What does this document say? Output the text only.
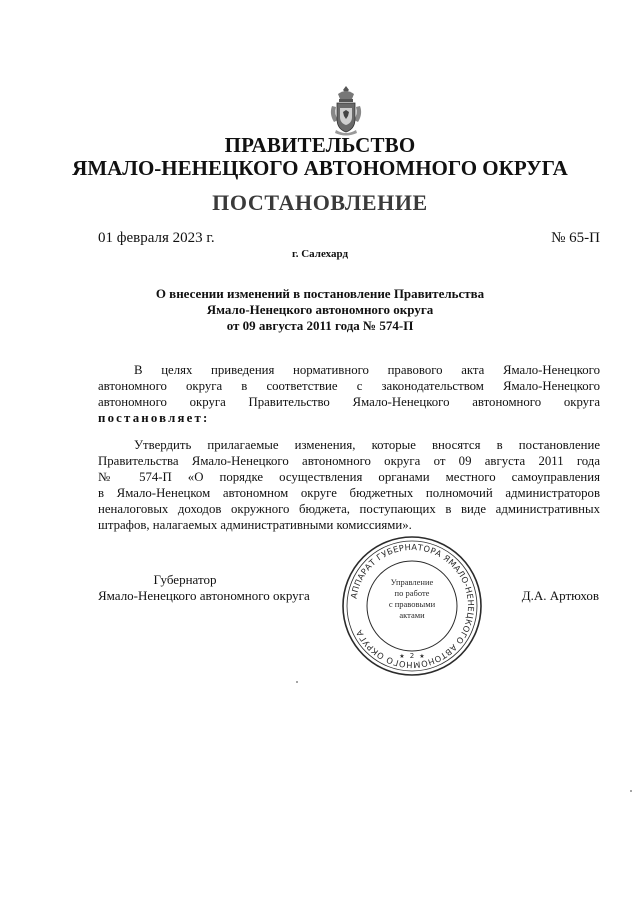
ПРАВИТЕЛЬСТВО
ЯМАЛО-НЕНЕЦКОГО АВТОНОМНОГО ОКРУГА
ПОСТАНОВЛЕНИЕ
01 февраля 2023 г.	№ 65-П
г. Салехард
О внесении изменений в постановление Правительства
Ямало-Ненецкого автономного округа
от 09 августа 2011 года № 574-П
В целях приведения нормативного правового акта Ямало-Ненецкого
автономного округа в соответствие с законодательством Ямало-Ненецкого
автономного округа Правительство Ямало-Ненецкого автономного округа
постановляет:
Утвердить прилагаемые изменения, которые вносятся в постановление
Правительства Ямало-Ненецкого автономного округа от 09 августа 2011 года
№ 574-П «О порядке осуществления органами местного самоуправления
в Ямало-Ненецком автономном округе бюджетных полномочий администраторов
неналоговых доходов окружного бюджета, поступающих в виде административных
штрафов, налагаемых административными комиссиями».
Губернатор
Ямало-Ненецкого автономного округа	Д.А. Артюхов
АППАРАТ ГУБЕРНАТОРА ЯМАЛО-НЕНЕЦКОГО АВТОНОМНОГО ОКРУГА
Управление
по работе
с правовыми
актами
2
★ ★
